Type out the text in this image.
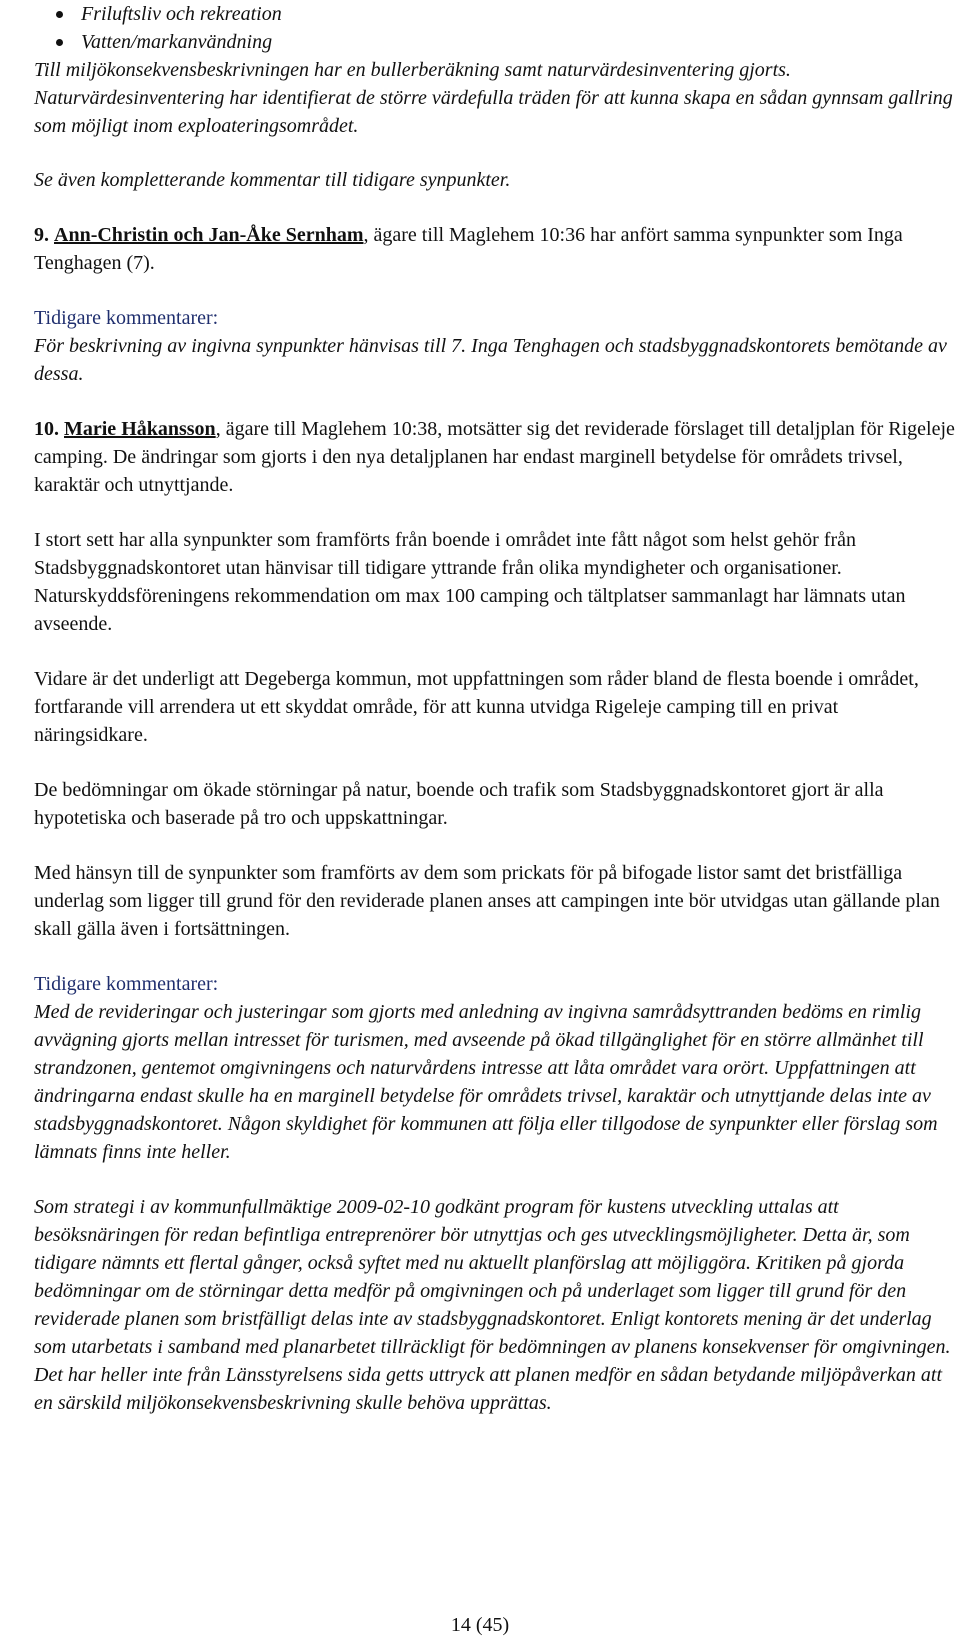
Friluftsliv och rekreation
Vatten/markanvändning

Till miljökonsekvensbeskrivningen har en bullerberäkning samt naturvärdesinventering gjorts. Naturvärdesinventering har identifierat de större värdefulla träden för att kunna skapa en sådan gynnsam gallring som möjligt inom exploateringsområdet.

Se även kompletterande kommentar till tidigare synpunkter.

9. Ann-Christin och Jan-Åke Sernham, ägare till Maglehem 10:36 har anfört samma synpunkter som Inga Tenghagen (7).

Tidigare kommentarer:

För beskrivning av ingivna synpunkter hänvisas till 7. Inga Tenghagen och stadsbyggnadskontorets bemötande av dessa.

10. Marie Håkansson, ägare till Maglehem 10:38, motsätter sig det reviderade förslaget till detaljplan för Rigeleje camping. De ändringar som gjorts i den nya detaljplanen har endast marginell betydelse för områdets trivsel, karaktär och utnyttjande.

I stort sett har alla synpunkter som framförts från boende i området inte fått något som helst gehör från Stadsbyggnadskontoret utan hänvisar till tidigare yttrande från olika myndigheter och organisationer. Naturskyddsföreningens rekommendation om max 100 camping och tältplatser sammanlagt har lämnats utan avseende.

Vidare är det underligt att Degeberga kommun, mot uppfattningen som råder bland de flesta boende i området, fortfarande vill arrendera ut ett skyddat område, för att kunna utvidga Rigeleje camping till en privat näringsidkare.

De bedömningar om ökade störningar på natur, boende och trafik som Stadsbyggnadskontoret gjort är alla hypotetiska och baserade på tro och uppskattningar.

Med hänsyn till de synpunkter som framförts av dem som prickats för på bifogade listor samt det bristfälliga underlag som ligger till grund för den reviderade planen anses att campingen inte bör utvidgas utan gällande plan skall gälla även i fortsättningen.

Tidigare kommentarer:

Med de revideringar och justeringar som gjorts med anledning av ingivna samrådsyttranden bedöms en rimlig avvägning gjorts mellan intresset för turismen, med avseende på ökad tillgänglighet för en större allmänhet till strandzonen, gentemot omgivningens och naturvårdens intresse att låta området vara orört. Uppfattningen att ändringarna endast skulle ha en marginell betydelse för områdets trivsel, karaktär och utnyttjande delas inte av stadsbyggnadskontoret. Någon skyldighet för kommunen att följa eller tillgodose de synpunkter eller förslag som lämnats finns inte heller.

Som strategi i av kommunfullmäktige 2009-02-10 godkänt program för kustens utveckling uttalas att besöksnäringen för redan befintliga entreprenörer bör utnyttjas och ges utvecklingsmöjligheter. Detta är, som tidigare nämnts ett flertal gånger, också syftet med nu aktuellt planförslag att möjliggöra. Kritiken på gjorda bedömningar om de störningar detta medför på omgivningen och på underlaget som ligger till grund för den reviderade planen som bristfälligt delas inte av stadsbyggnadskontoret. Enligt kontorets mening är det underlag som utarbetats i samband med planarbetet tillräckligt för bedömningen av planens konsekvenser för omgivningen. Det har heller inte från Länsstyrelsens sida getts uttryck att planen medför en sådan betydande miljöpåverkan att en särskild miljökonsekvensbeskrivning skulle behöva upprättas.

14 (45)
